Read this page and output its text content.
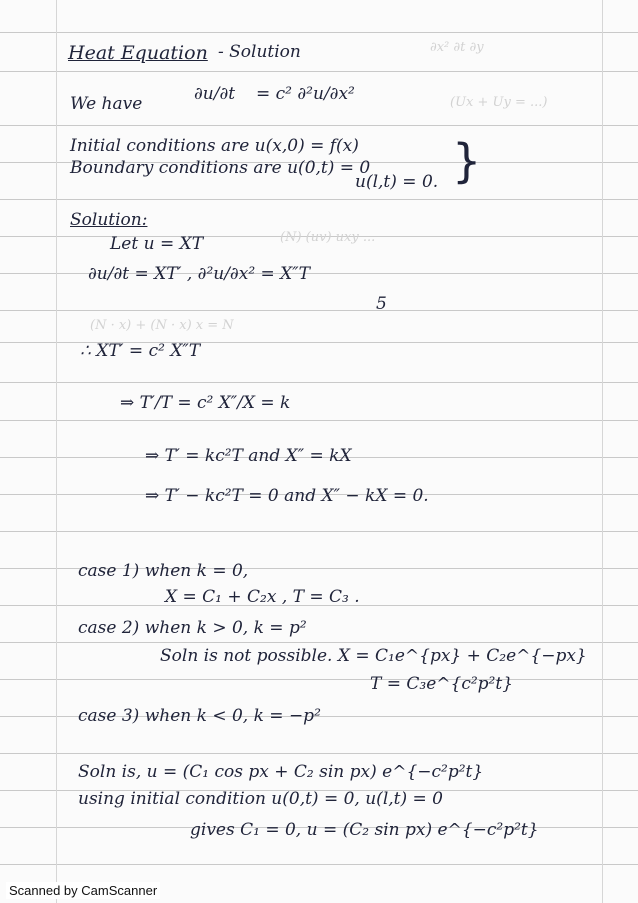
∂x² ∂t ∂y
(Ux + Uy = ...)
(N) (uv) uxy ...
(N · x) + (N · x) x = N
Heat Equation - Solution
We have	∂u/∂t = c² ∂²u/∂x²
Initial conditions are u(x,0) = f(x)
Boundary conditions are u(0,t) = 0
u(l,t) = 0. }
Solution:
Let u = XT
∂u/∂t = XT′ , ∂²u/∂x² = X″T
5
∴ XT′ = c² X″T
⇒ T′/T = c² X″/X = k
⇒ T′ = kc²T and X″ = kX
⇒ T′ − kc²T = 0 and X″ − kX = 0.
case 1) when k = 0,
X = C₁ + C₂x , T = C₃ .
case 2) when k > 0, k = p²
Soln is not possible. X = C₁e^{px} + C₂e^{−px}
T = C₃e^{c²p²t}
case 3) when k < 0, k = −p²
Soln is, u = (C₁ cos px + C₂ sin px) e^{−c²p²t}
using initial condition u(0,t) = 0, u(l,t) = 0
gives C₁ = 0, u = (C₂ sin px) e^{−c²p²t}
Scanned by CamScanner
